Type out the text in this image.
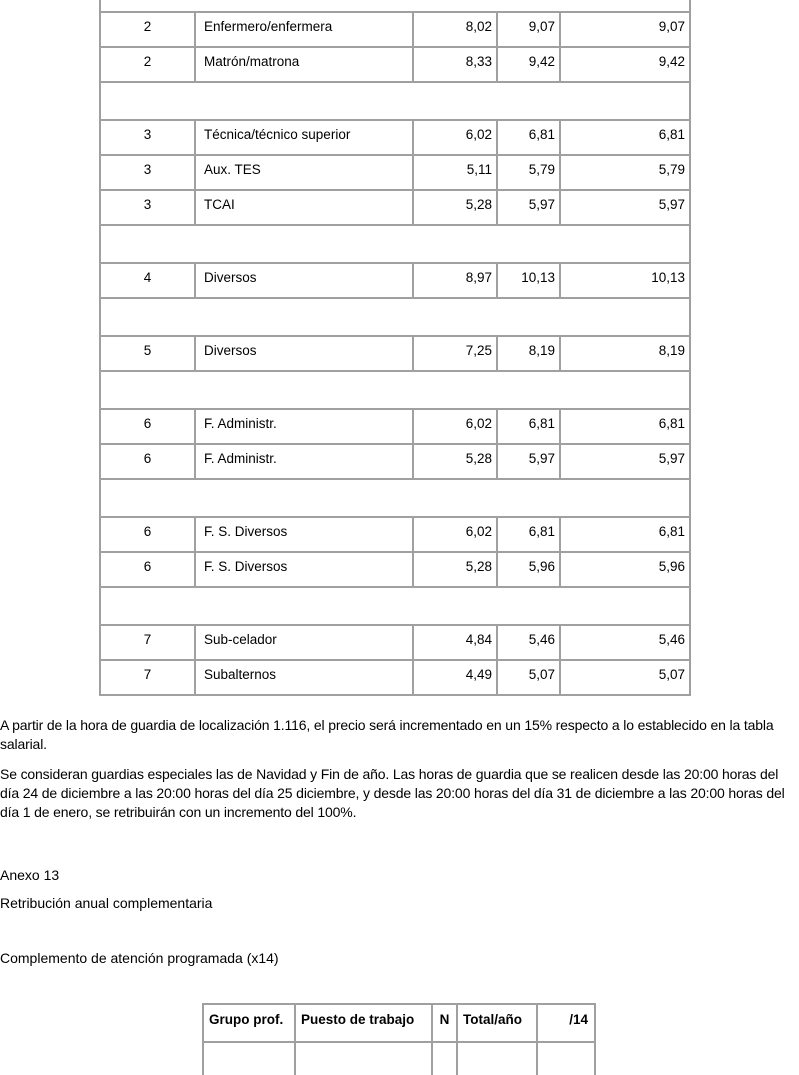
2	Enfermero/enfermera	8,02	9,07	9,07
2	Matrón/matrona	8,33	9,42	9,42

3	Técnica/técnico superior	6,02	6,81	6,81
3	Aux. TES	5,11	5,79	5,79
3	TCAI	5,28	5,97	5,97

4	Diversos	8,97	10,13	10,13

5	Diversos	7,25	8,19	8,19

6	F. Administr.	6,02	6,81	6,81
6	F. Administr.	5,28	5,97	5,97

6	F. S. Diversos	6,02	6,81	6,81
6	F. S. Diversos	5,28	5,96	5,96

7	Sub-celador	4,84	5,46	5,46
7	Subalternos	4,49	5,07	5,07

A partir de la hora de guardia de localización 1.116, el precio será incrementado en un 15% respecto a lo establecido en la tabla salarial.

Se consideran guardias especiales las de Navidad y Fin de año. Las horas de guardia que se realicen desde las 20:00 horas del día 24 de diciembre a las 20:00 horas del día 25 diciembre, y desde las 20:00 horas del día 31 de diciembre a las 20:00 horas del día 1 de enero, se retribuirán con un incremento del 100%.

Anexo 13
Retribución anual complementaria
Complemento de atención programada (x14)
Grupo prof.	Puesto de trabajo	N	Total/año	/14
